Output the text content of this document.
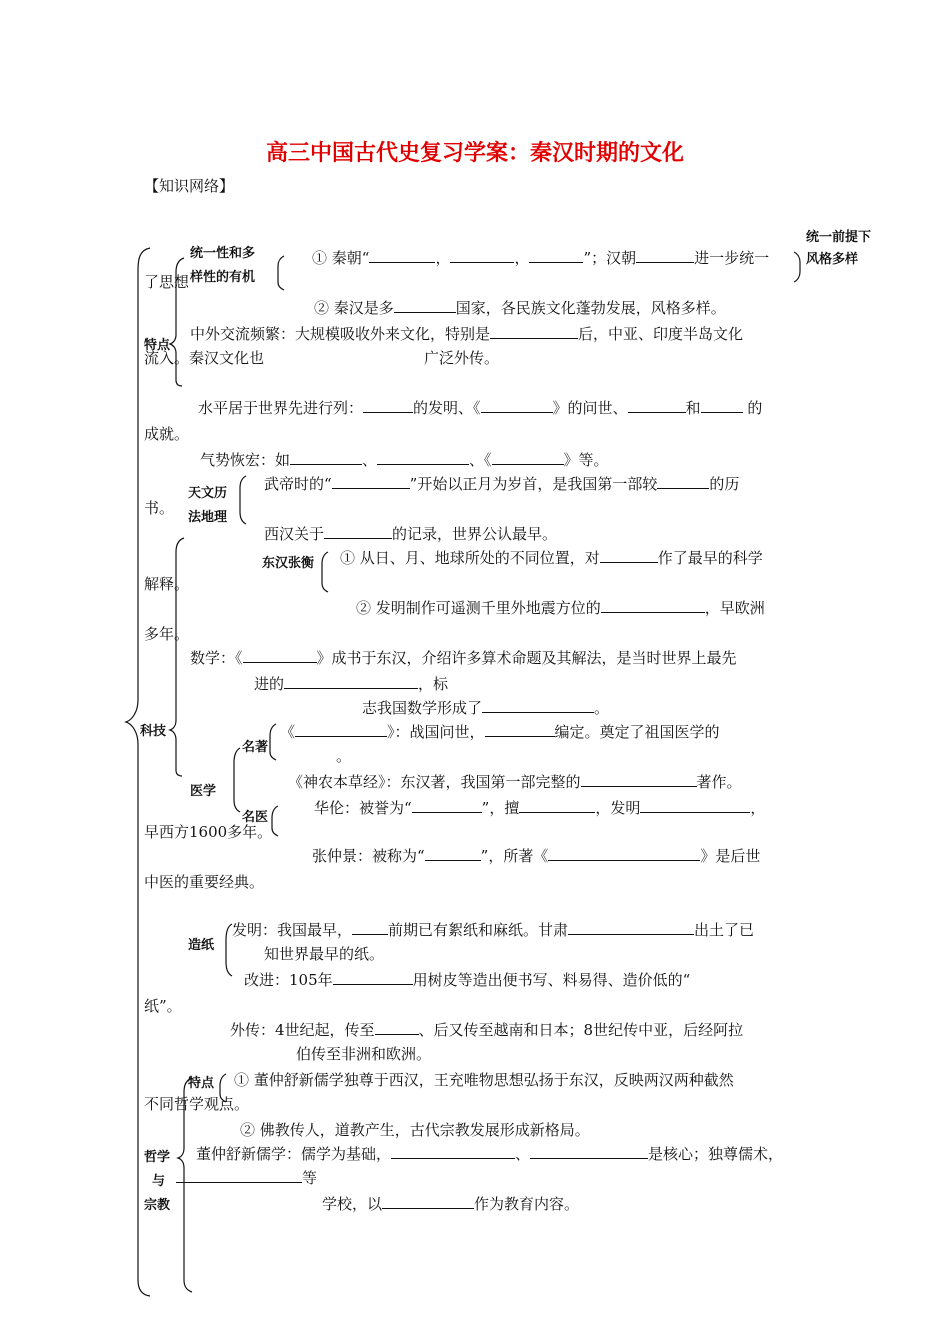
高三中国古代史复习学案：秦汉时期的文化
【知识网络】
统一前提下
风格多样
统一性和多
样性的有机
特点
天文历
法地理
东汉张衡
科技
名著
医学
名医
造纸
特点
哲学
与
宗教
① 秦朝“	，	，	”；汉朝	进一步统一
了思想
② 秦汉是多	国家，各民族文化蓬勃发展，风格多样。
中外交流频繁：大规模吸收外来文化，特别是	后，中亚、印度半岛文化
流入。秦汉文化也	广泛外传。
水平居于世界先进行列：	的发明、《	》的问世、	和	的
成就。
气势恢宏：如	、	、《	》等。
武帝时的“	”开始以正月为岁首，是我国第一部较	的历
书。
西汉关于	的记录，世界公认最早。
① 从日、月、地球所处的不同位置，对	作了最早的科学
解释。
② 发明制作可遥测千里外地震方位的	，早欧洲
多年。
数学：《	》成书于东汉，介绍许多算术命题及其解法，是当时世界上最先
进的	，标
志我国数学形成了	。
《	》：战国问世，	编定。奠定了祖国医学的
。
《神农本草经》：东汉著，我国第一部完整的	著作。
华伦：被誉为“	”，擅	，发明	，
早西方1600多年。
张仲景：被称为“	”，所著《	》是后世
中医的重要经典。
发明：我国最早， 前期已有絮纸和麻纸。甘肃	出土了已
知世界最早的纸。
改进：105年	用树皮等造出便书写、料易得、造价低的“
纸”。
外传：4世纪起，传至	、后又传至越南和日本；8世纪传中亚，后经阿拉
伯传至非洲和欧洲。
① 董仲舒新儒学独尊于西汉，王充唯物思想弘扬于东汉，反映两汉两种截然
不同哲学观点。
② 佛教传人，道教产生，古代宗教发展形成新格局。
董仲舒新儒学：儒学为基础，	、	是核心；独尊儒术，
等
学校，以	作为教育内容。
